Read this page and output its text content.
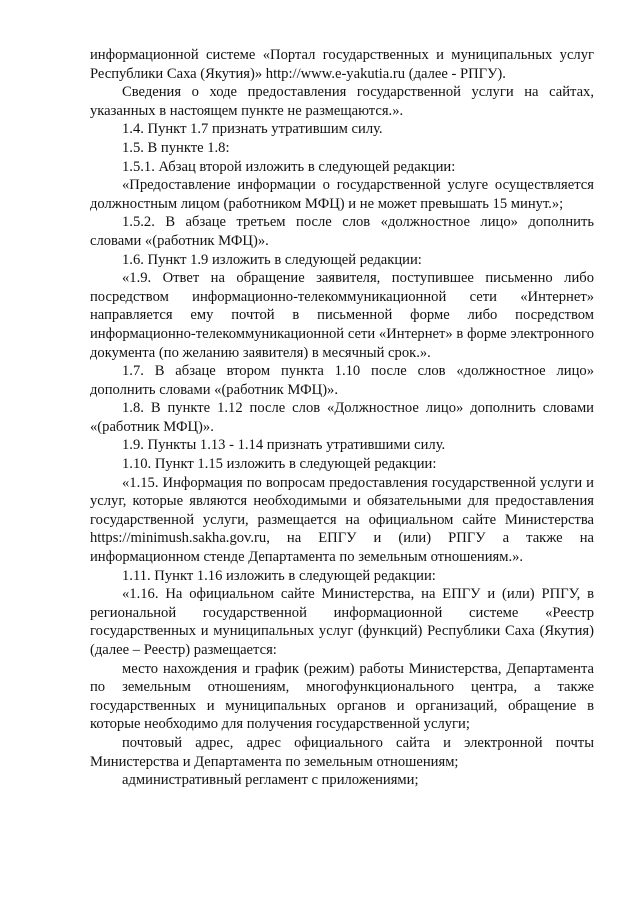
информационной системе «Портал государственных и муниципальных услуг Республики Саха (Якутия)» http://www.e-yakutia.ru (далее - РПГУ).

Сведения о ходе предоставления государственной услуги на сайтах, указанных в настоящем пункте не размещаются.».

1.4. Пункт 1.7 признать утратившим силу.

1.5. В пункте 1.8:

1.5.1. Абзац второй изложить в следующей редакции:

«Предоставление информации о государственной услуге осуществляется должностным лицом (работником МФЦ) и не может превышать 15 минут.»;

1.5.2. В абзаце третьем после слов «должностное лицо» дополнить словами «(работник МФЦ)».

1.6. Пункт 1.9 изложить в следующей редакции:

«1.9. Ответ на обращение заявителя, поступившее письменно либо посредством информационно-телекоммуникационной сети «Интернет» направляется ему почтой в письменной форме либо посредством информационно-телекоммуникационной сети «Интернет» в форме электронного документа (по желанию заявителя) в месячный срок.».

1.7. В абзаце втором пункта 1.10 после слов «должностное лицо» дополнить словами «(работник МФЦ)».

1.8. В пункте 1.12 после слов «Должностное лицо» дополнить словами «(работник МФЦ)».

1.9. Пункты 1.13 - 1.14 признать утратившими силу.

1.10. Пункт 1.15 изложить в следующей редакции:

«1.15. Информация по вопросам предоставления государственной услуги и услуг, которые являются необходимыми и обязательными для предоставления государственной услуги, размещается на официальном сайте Министерства https://minimush.sakha.gov.ru, на ЕПГУ и (или) РПГУ а также на информационном стенде Департамента по земельным отношениям.».

1.11. Пункт 1.16 изложить в следующей редакции:

«1.16. На официальном сайте Министерства, на ЕПГУ и (или) РПГУ, в региональной государственной информационной системе «Реестр государственных и муниципальных услуг (функций) Республики Саха (Якутия) (далее – Реестр) размещается:

место нахождения и график (режим) работы Министерства, Департамента по земельным отношениям, многофункционального центра, а также государственных и муниципальных органов и организаций, обращение в которые необходимо для получения государственной услуги;

почтовый адрес, адрес официального сайта и электронной почты Министерства и Департамента по земельным отношениям;

административный регламент с приложениями;
